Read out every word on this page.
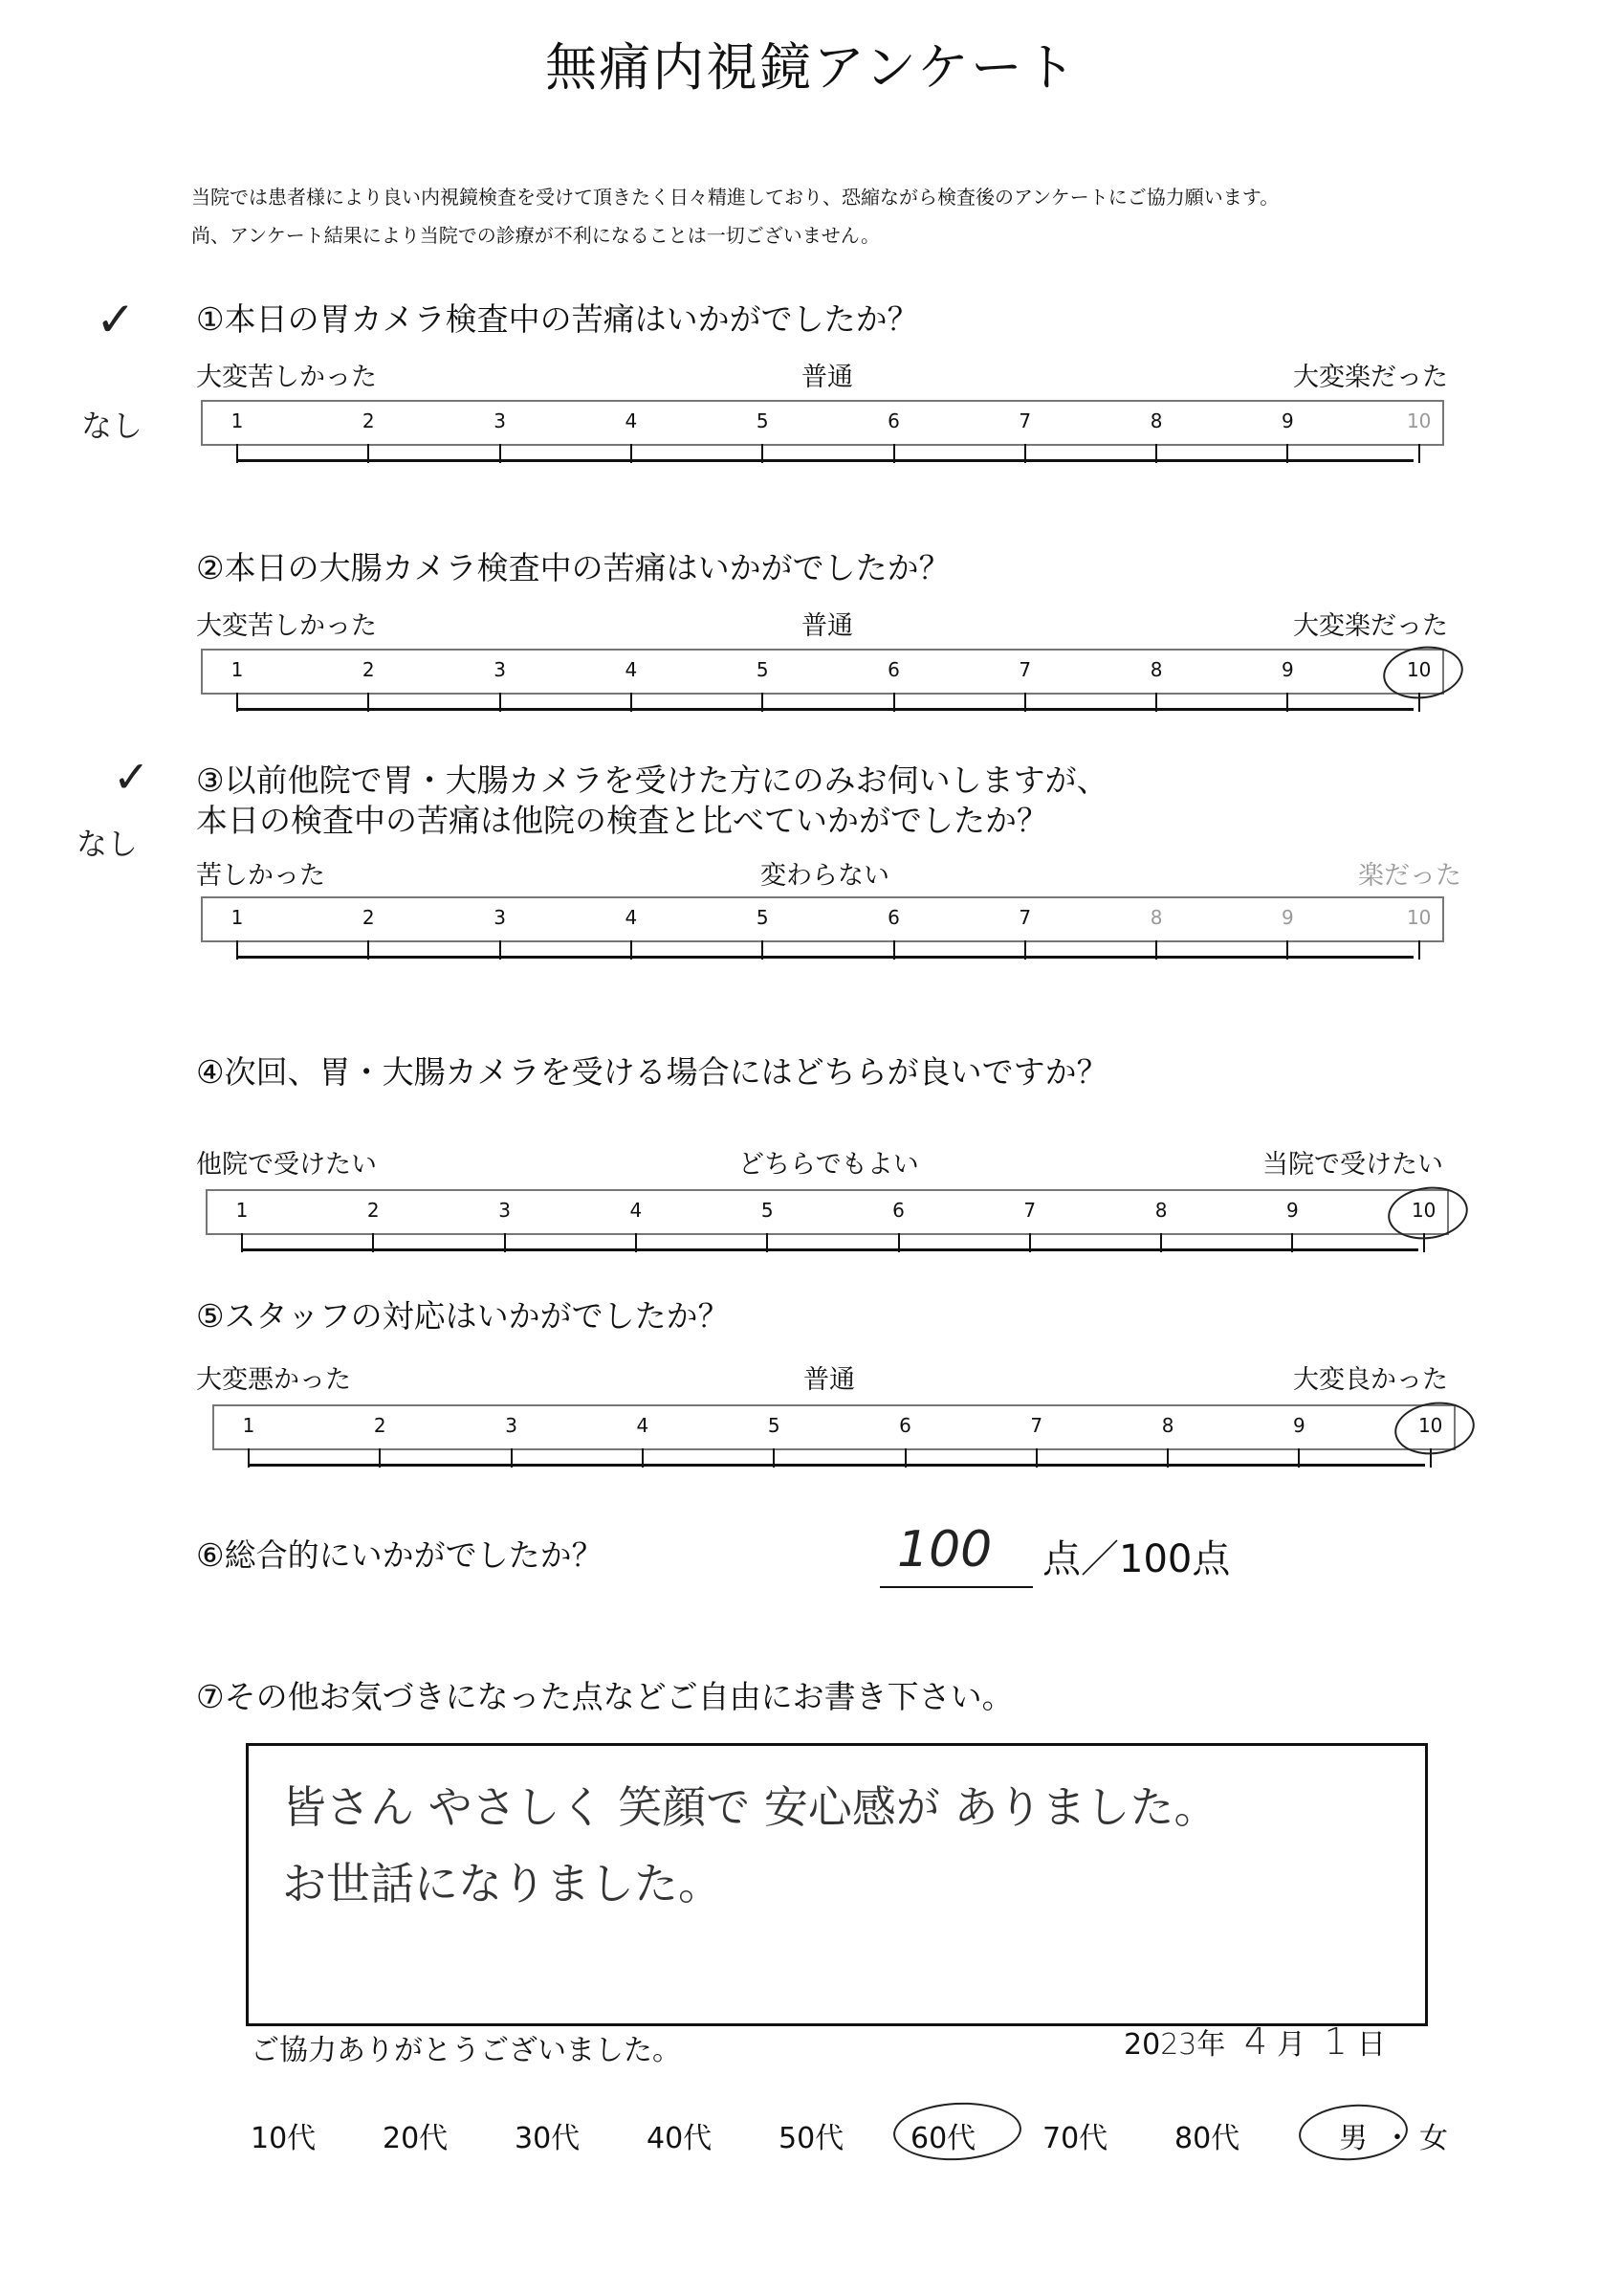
無痛内視鏡アンケート
当院では患者様により良い内視鏡検査を受けて頂きたく日々精進しており、恐縮ながら検査後のアンケートにご協力願います。
尚、アンケート結果により当院での診療が不利になることは一切ございません。
✓
なし
①本日の胃カメラ検査中の苦痛はいかがでしたか？
大変苦しかった	普通	大変楽だった
1	2	3	4	5	6	7	8	9	10
②本日の大腸カメラ検査中の苦痛はいかがでしたか？
大変苦しかった	普通	大変楽だった
1	2	3	4	5	6	7	8	9	10
✓
なし
③以前他院で胃・大腸カメラを受けた方にのみお伺いしますが、
本日の検査中の苦痛は他院の検査と比べていかがでしたか？
苦しかった	変わらない	楽だった
1	2	3	4	5	6	7	8	9	10
④次回、胃・大腸カメラを受ける場合にはどちらが良いですか？
他院で受けたい	どちらでもよい	当院で受けたい
1	2	3	4	5	6	7	8	9	10
⑤スタッフの対応はいかがでしたか？
大変悪かった	普通	大変良かった
1	2	3	4	5	6	7	8	9	10
⑥総合的にいかがでしたか？	100 点／100点
⑦その他お気づきになった点などご自由にお書き下さい。
皆さん やさしく 笑顔で 安心感が ありました。
お世話になりました。
ご協力ありがとうございました。	2023年 4 月 1 日
10代 20代 30代 40代 50代 60代 70代 80代	男 ・ 女
